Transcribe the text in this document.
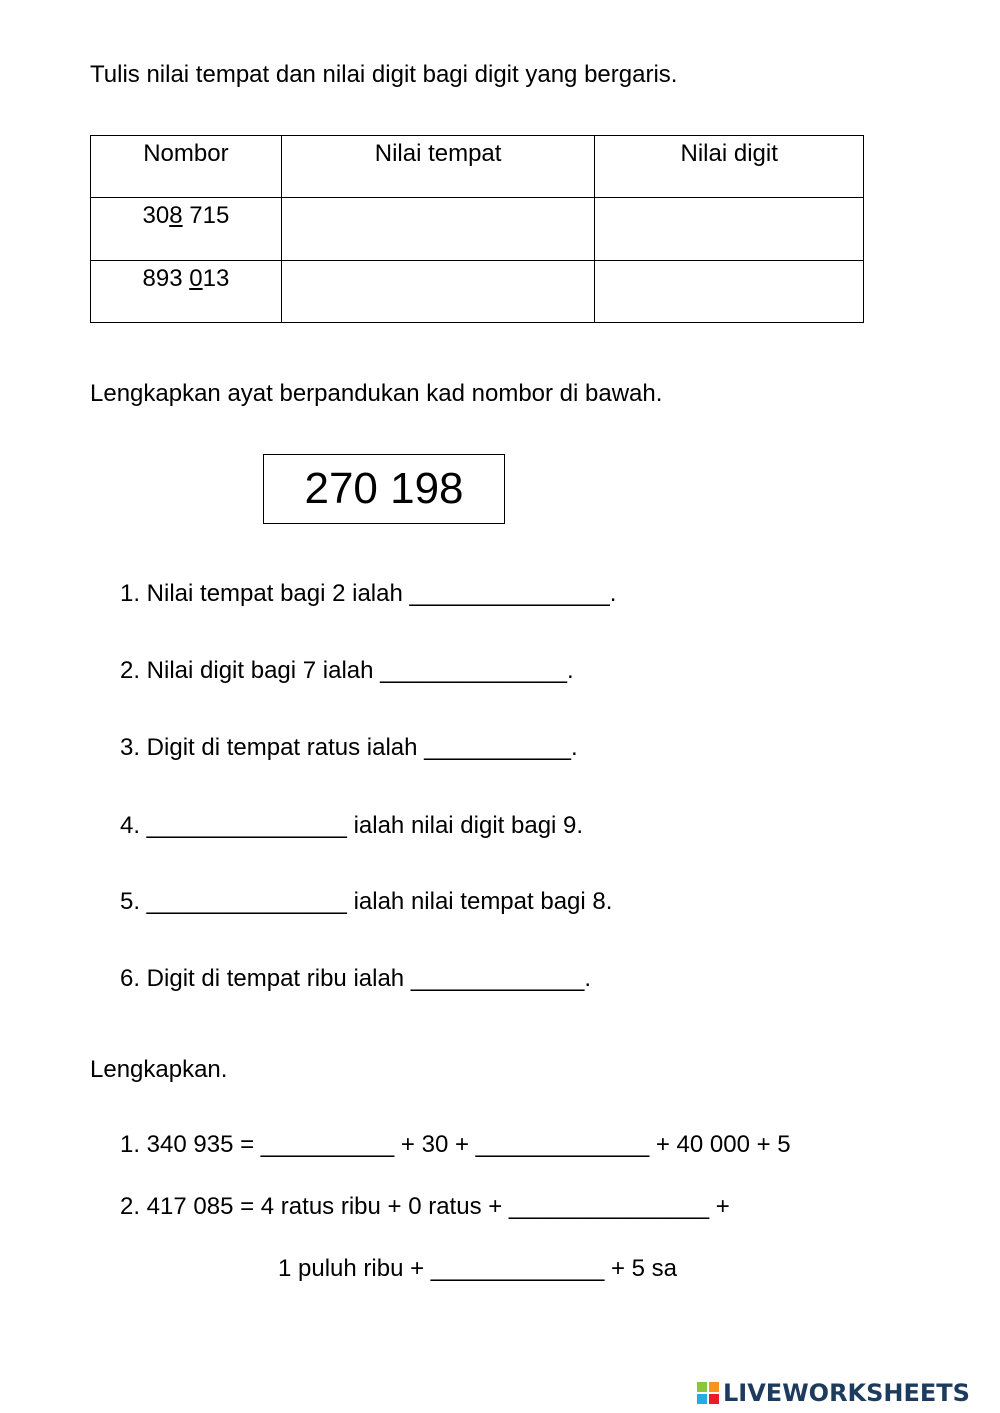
Tulis nilai tempat dan nilai digit bagi digit yang bergaris.
Nombor	Nilai tempat	Nilai digit
308 715		
893 013		
Lengkapkan ayat berpandukan kad nombor di bawah.
270 198
1. Nilai tempat bagi 2 ialah _______________.
2. Nilai digit bagi 7 ialah ______________.
3. Digit di tempat ratus ialah ___________.
4. _______________ ialah nilai digit bagi 9.
5. _______________ ialah nilai tempat bagi 8.
6. Digit di tempat ribu ialah _____________.
Lengkapkan.
1. 340 935 = __________ + 30 + _____________ + 40 000 + 5
2. 417 085 = 4 ratus ribu + 0 ratus + _______________ +
1 puluh ribu + _____________ + 5 sa
LIVEWORKSHEETS
